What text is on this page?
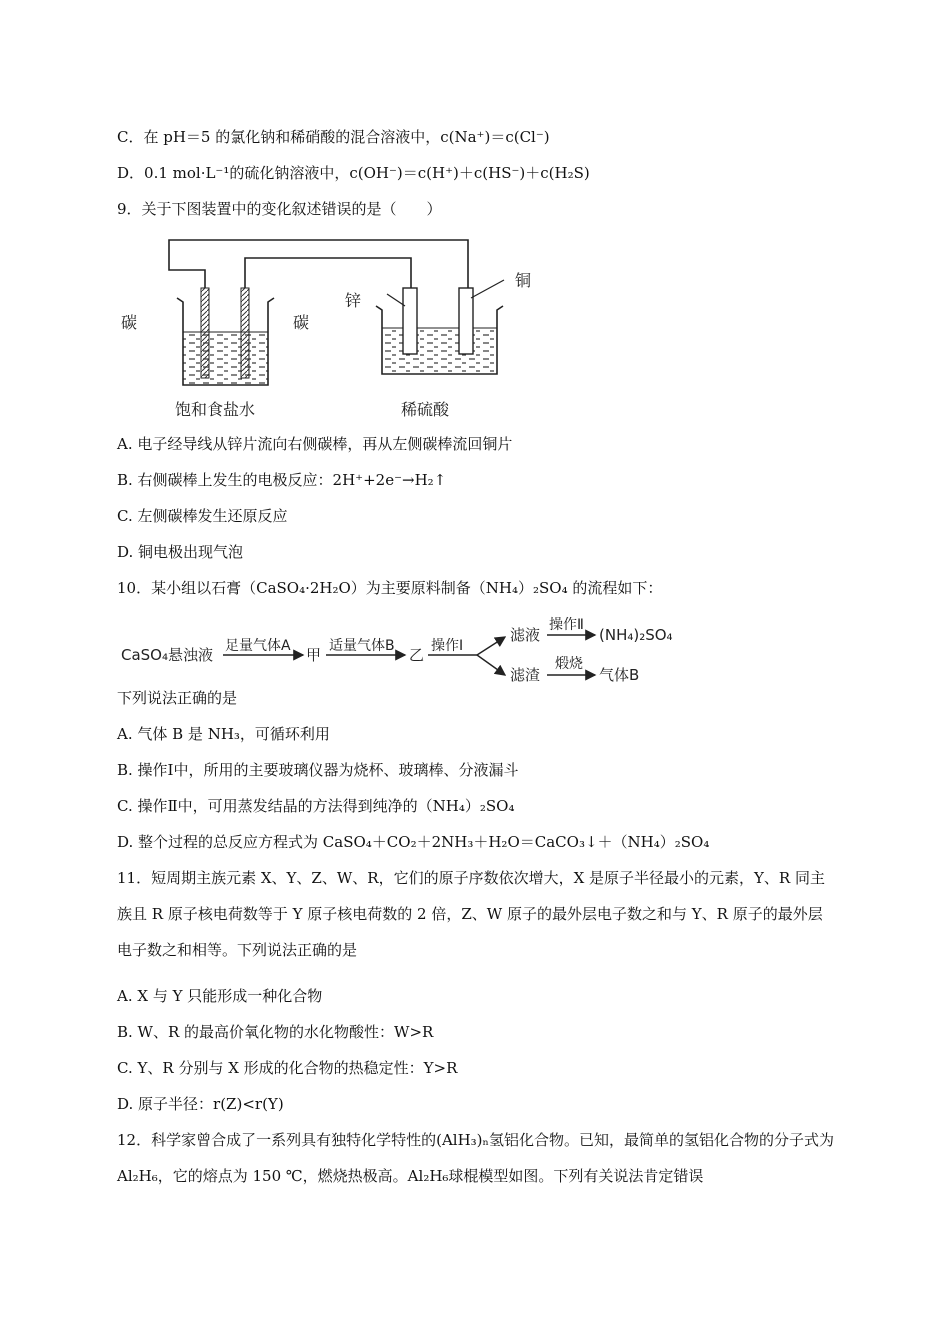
C．在 pH＝5 的氯化钠和稀硝酸的混合溶液中，c(Na⁺)＝c(Cl⁻)
D．0.1 mol·L⁻¹的硫化钠溶液中，c(OH⁻)＝c(H⁺)＋c(HS⁻)＋c(H₂S)
9．关于下图装置中的变化叙述错误的是（　　）
碳	碳
锌
铜
饱和食盐水	稀硫酸
A. 电子经导线从锌片流向右侧碳棒，再从左侧碳棒流回铜片
B. 右侧碳棒上发生的电极反应：2H⁺+2e⁻→H₂↑
C. 左侧碳棒发生还原反应
D. 铜电极出现气泡
10．某小组以石膏（CaSO₄·2H₂O）为主要原料制备（NH₄）₂SO₄ 的流程如下：
CaSO₄悬浊液 足量气体A 甲 适量气体B 乙 操作Ⅰ
滤液
操作Ⅱ
(NH₄)₂SO₄
滤渣
煅烧
气体B
下列说法正确的是
A. 气体 B 是 NH₃，可循环利用
B. 操作Ⅰ中，所用的主要玻璃仪器为烧杯、玻璃棒、分液漏斗
C. 操作Ⅱ中，可用蒸发结晶的方法得到纯净的（NH₄）₂SO₄
D. 整个过程的总反应方程式为 CaSO₄＋CO₂＋2NH₃＋H₂O＝CaCO₃↓＋（NH₄）₂SO₄
11．短周期主族元素 X、Y、Z、W、R，它们的原子序数依次增大，X 是原子半径最小的元素，Y、R 同主族且 R 原子核电荷数等于 Y 原子核电荷数的 2 倍，Z、W 原子的最外层电子数之和与 Y、R 原子的最外层电子数之和相等。下列说法正确的是
A. X 与 Y 只能形成一种化合物
B. W、R 的最高价氧化物的水化物酸性：W>R
C. Y、R 分别与 X 形成的化合物的热稳定性：Y>R
D. 原子半径：r(Z)<r(Y)
12．科学家曾合成了一系列具有独特化学特性的(AlH₃)ₙ氢铝化合物。已知，最简单的氢铝化合物的分子式为 Al₂H₆，它的熔点为 150 ℃，燃烧热极高。Al₂H₆球棍模型如图。下列有关说法肯定错误
